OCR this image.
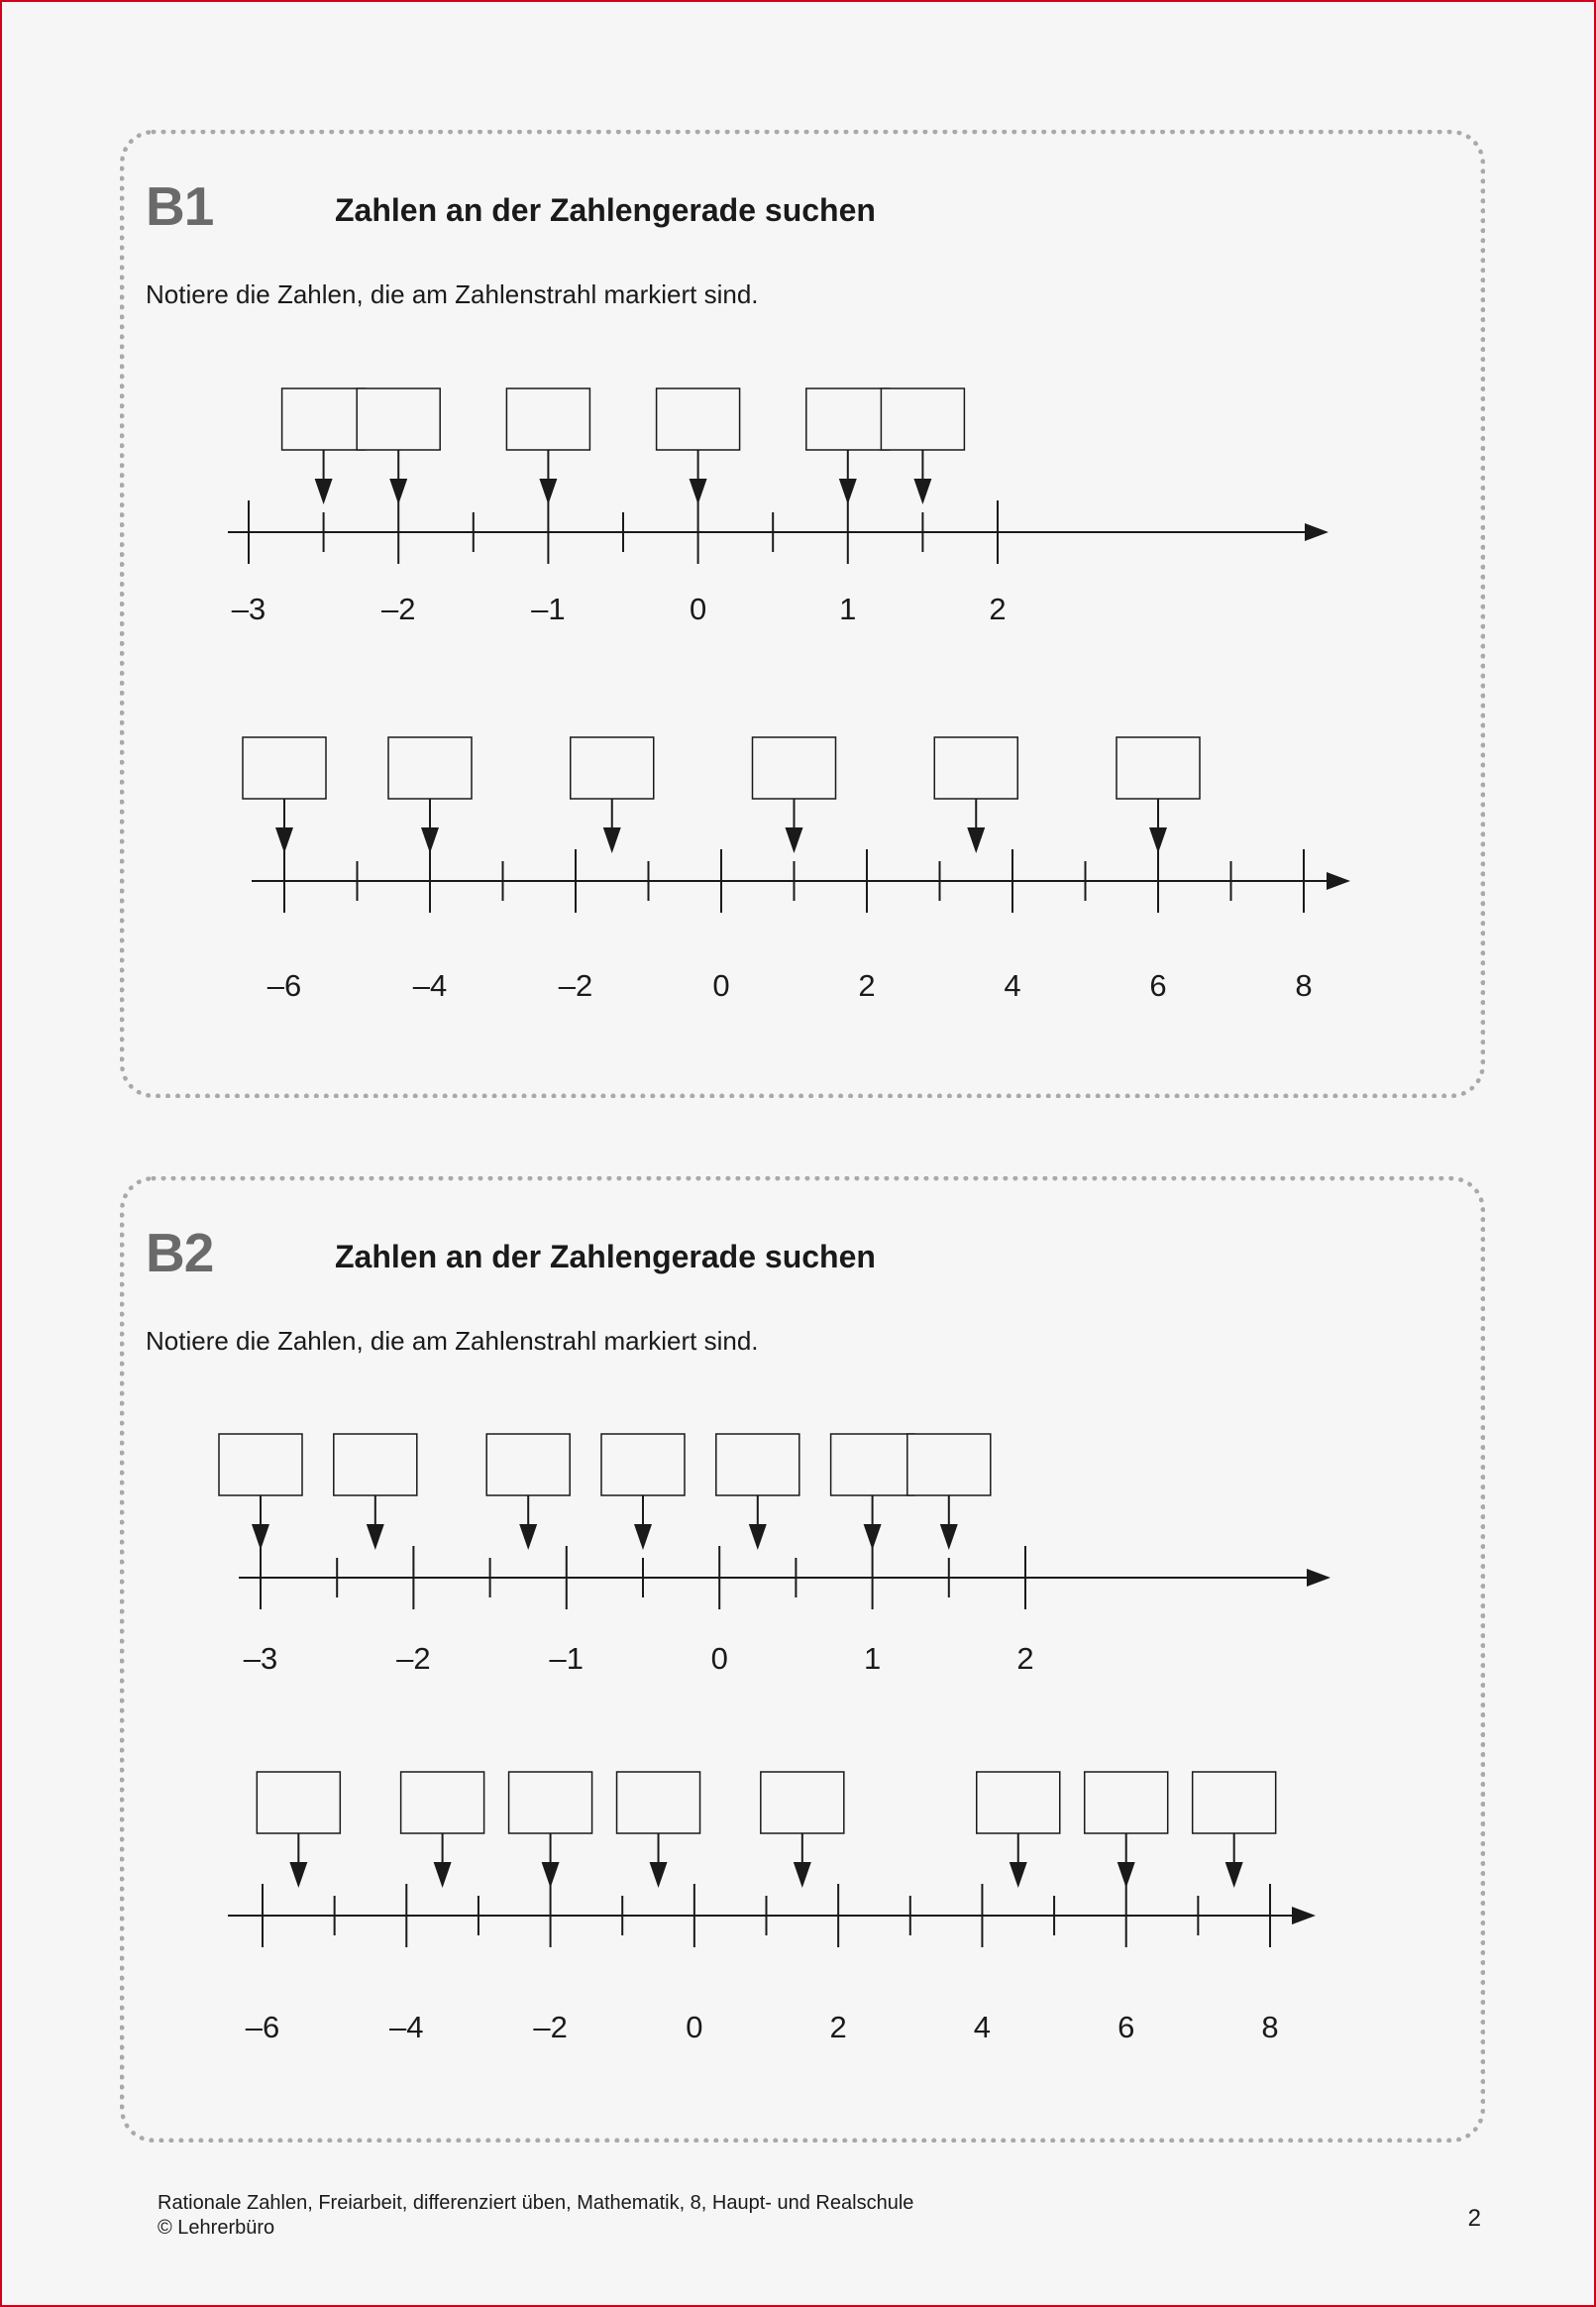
B1	Zahlen an der Zahlengerade suchen
Notiere die Zahlen, die am Zahlenstrahl markiert sind.
–3	–2	–1	0	1	2
–6	–4	–2	0	2	4	6	8
B2	Zahlen an der Zahlengerade suchen
Notiere die Zahlen, die am Zahlenstrahl markiert sind.
–3	–2	–1	0	1	2
–6	–4	–2	0	2	4	6	8
Rationale Zahlen, Freiarbeit, differenziert üben, Mathematik, 8, Haupt- und Realschule
© Lehrerbüro	2
